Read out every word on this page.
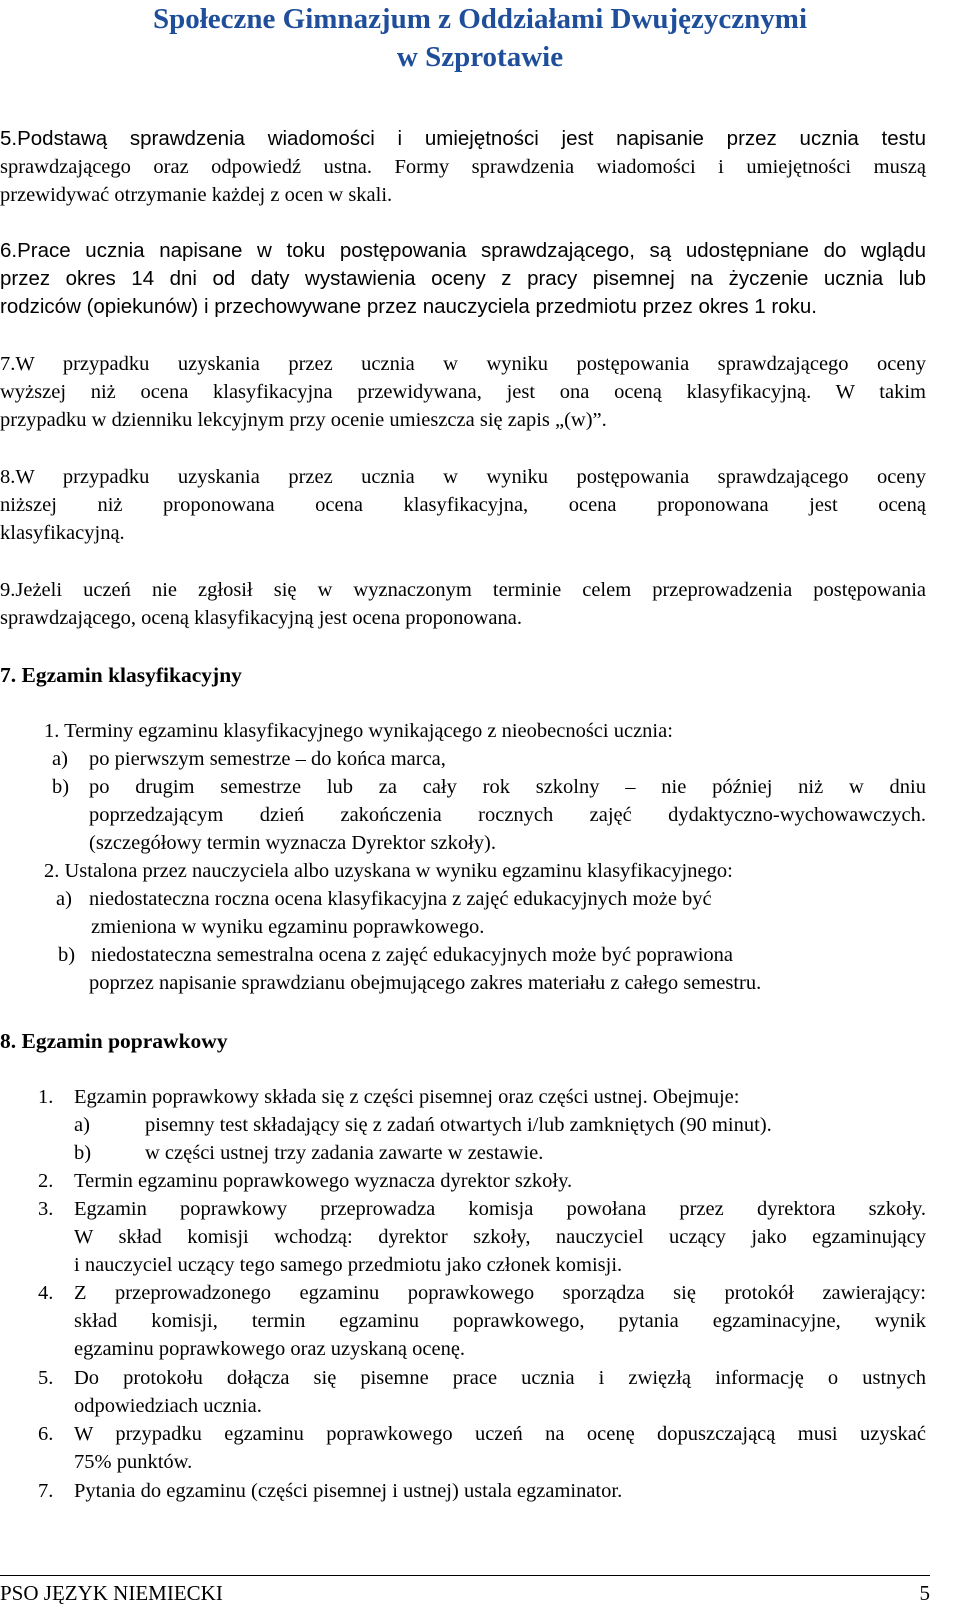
Społeczne Gimnazjum z Oddziałami Dwujęzycznymi
w Szprotawie
5.Podstawą sprawdzenia wiadomości i umiejętności jest napisanie przez ucznia testu
sprawdzającego oraz odpowiedź ustna. Formy sprawdzenia wiadomości i umiejętności muszą
przewidywać otrzymanie każdej z ocen w skali.
6.Prace ucznia napisane w toku postępowania sprawdzającego, są udostępniane do wglądu
przez okres 14 dni od daty wystawienia oceny z pracy pisemnej na życzenie ucznia lub
rodziców (opiekunów) i przechowywane przez nauczyciela przedmiotu przez okres 1 roku.
7.W przypadku uzyskania przez ucznia w wyniku postępowania sprawdzającego oceny
wyższej niż ocena klasyfikacyjna przewidywana, jest ona oceną klasyfikacyjną. W takim
przypadku w dzienniku lekcyjnym przy ocenie umieszcza się zapis „(w)”.
8.W przypadku uzyskania przez ucznia w wyniku postępowania sprawdzającego oceny
niższej niż proponowana ocena klasyfikacyjna, ocena proponowana jest oceną
klasyfikacyjną.
9.Jeżeli uczeń nie zgłosił się w wyznaczonym terminie celem przeprowadzenia postępowania
sprawdzającego, oceną klasyfikacyjną jest ocena proponowana.
7. Egzamin klasyfikacyjny
1. Terminy egzaminu klasyfikacyjnego wynikającego z nieobecności ucznia:
a) po pierwszym semestrze – do końca marca,
b) po drugim semestrze lub za cały rok szkolny – nie później niż w dniu
poprzedzającym dzień zakończenia rocznych zajęć dydaktyczno-wychowawczych.
(szczegółowy termin wyznacza Dyrektor szkoły).
2. Ustalona przez nauczyciela albo uzyskana w wyniku egzaminu klasyfikacyjnego:
a) niedostateczna roczna ocena klasyfikacyjna z zajęć edukacyjnych może być
zmieniona w wyniku egzaminu poprawkowego.
b) niedostateczna semestralna ocena z zajęć edukacyjnych może być poprawiona
poprzez napisanie sprawdzianu obejmującego zakres materiału z całego semestru.
8. Egzamin poprawkowy
1. Egzamin poprawkowy składa się z części pisemnej oraz części ustnej. Obejmuje:
a)	pisemny test składający się z zadań otwartych i/lub zamkniętych (90 minut).
b)	w części ustnej trzy zadania zawarte w zestawie.
2. Termin egzaminu poprawkowego wyznacza dyrektor szkoły.
3. Egzamin poprawkowy przeprowadza komisja powołana przez dyrektora szkoły.
W skład komisji wchodzą: dyrektor szkoły, nauczyciel uczący jako egzaminujący
i nauczyciel uczący tego samego przedmiotu jako członek komisji.
4. Z przeprowadzonego egzaminu poprawkowego sporządza się protokół zawierający:
skład komisji, termin egzaminu poprawkowego, pytania egzaminacyjne, wynik
egzaminu poprawkowego oraz uzyskaną ocenę.
5. Do protokołu dołącza się pisemne prace ucznia i zwięzłą informację o ustnych
odpowiedziach ucznia.
6. W przypadku egzaminu poprawkowego uczeń na ocenę dopuszczającą musi uzyskać
75% punktów.
7. Pytania do egzaminu (części pisemnej i ustnej) ustala egzaminator.
PSO JĘZYK NIEMIECKI	5
